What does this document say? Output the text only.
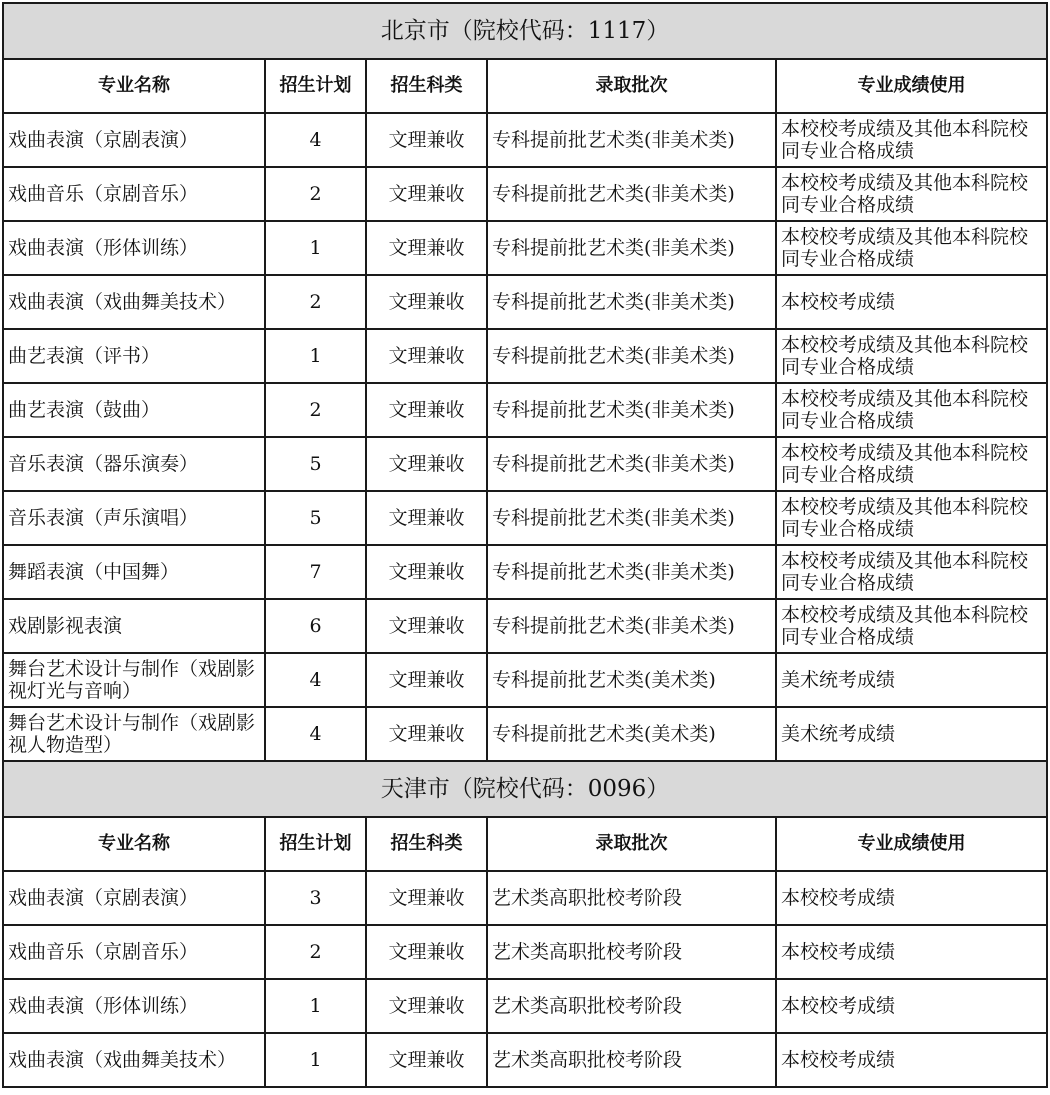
北京市（院校代码：1117）				
专业名称	招生计划	招生科类	录取批次	专业成绩使用
戏曲表演（京剧表演）	4	文理兼收	专科提前批艺术类(非美术类)	本校校考成绩及其他本科院校同专业合格成绩
戏曲音乐（京剧音乐）	2	文理兼收	专科提前批艺术类(非美术类)	本校校考成绩及其他本科院校同专业合格成绩
戏曲表演（形体训练）	1	文理兼收	专科提前批艺术类(非美术类)	本校校考成绩及其他本科院校同专业合格成绩
戏曲表演（戏曲舞美技术）	2	文理兼收	专科提前批艺术类(非美术类)	本校校考成绩
曲艺表演（评书）	1	文理兼收	专科提前批艺术类(非美术类)	本校校考成绩及其他本科院校同专业合格成绩
曲艺表演（鼓曲）	2	文理兼收	专科提前批艺术类(非美术类)	本校校考成绩及其他本科院校同专业合格成绩
音乐表演（器乐演奏）	5	文理兼收	专科提前批艺术类(非美术类)	本校校考成绩及其他本科院校同专业合格成绩
音乐表演（声乐演唱）	5	文理兼收	专科提前批艺术类(非美术类)	本校校考成绩及其他本科院校同专业合格成绩
舞蹈表演（中国舞）	7	文理兼收	专科提前批艺术类(非美术类)	本校校考成绩及其他本科院校同专业合格成绩
戏剧影视表演	6	文理兼收	专科提前批艺术类(非美术类)	本校校考成绩及其他本科院校同专业合格成绩
舞台艺术设计与制作（戏剧影视灯光与音响）	4	文理兼收	专科提前批艺术类(美术类)	美术统考成绩
舞台艺术设计与制作（戏剧影视人物造型）	4	文理兼收	专科提前批艺术类(美术类)	美术统考成绩
天津市（院校代码：0096）				
专业名称	招生计划	招生科类	录取批次	专业成绩使用
戏曲表演（京剧表演）	3	文理兼收	艺术类高职批校考阶段	本校校考成绩
戏曲音乐（京剧音乐）	2	文理兼收	艺术类高职批校考阶段	本校校考成绩
戏曲表演（形体训练）	1	文理兼收	艺术类高职批校考阶段	本校校考成绩
戏曲表演（戏曲舞美技术）	1	文理兼收	艺术类高职批校考阶段	本校校考成绩
